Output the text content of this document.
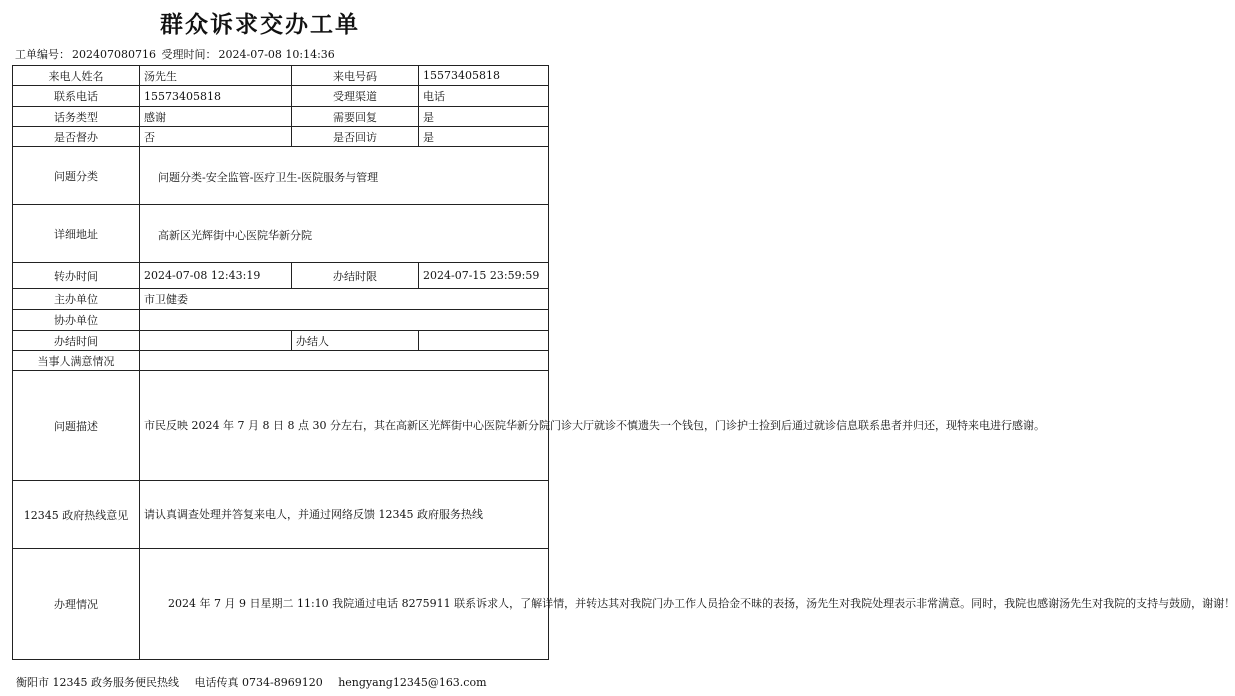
群众诉求交办工单
工单编号： 202407080716 受理时间： 2024-07-08 10:14:36
来电人姓名	汤先生	来电号码	15573405818
联系电话	15573405818	受理渠道	电话
话务类型	感谢	需要回复	是
是否督办	否	是否回访	是
问题分类	问题分类-安全监管-医疗卫生-医院服务与管理		
详细地址	高新区光辉街中心医院华新分院		
转办时间	2024-07-08 12:43:19	办结时限	2024-07-15 23:59:59
主办单位	市卫健委		
协办单位			
办结时间		办结人	
当事人满意情况			
问题描述	市民反映 2024 年 7 月 8 日 8 点 30 分左右，其在高新区光辉街中心医院华新分院门诊大厅就诊不慎遗失一个钱包，门诊护士捡到后通过就诊信息联系患者并归还，现特来电进行感谢。		
12345 政府热线意见	请认真调查处理并答复来电人，并通过网络反馈 12345 政府服务热线		
办理情况	2024 年 7 月 9 日星期二 11:10 我院通过电话 8275911 联系诉求人，了解详情，并转达其对我院门办工作人员拾金不昧的表扬，汤先生对我院处理表示非常满意。同时，我院也感谢汤先生对我院的支持与鼓励，谢谢！		
衡阳市 12345 政务服务便民热线 电话传真 0734-8969120 hengyang12345@163.com
